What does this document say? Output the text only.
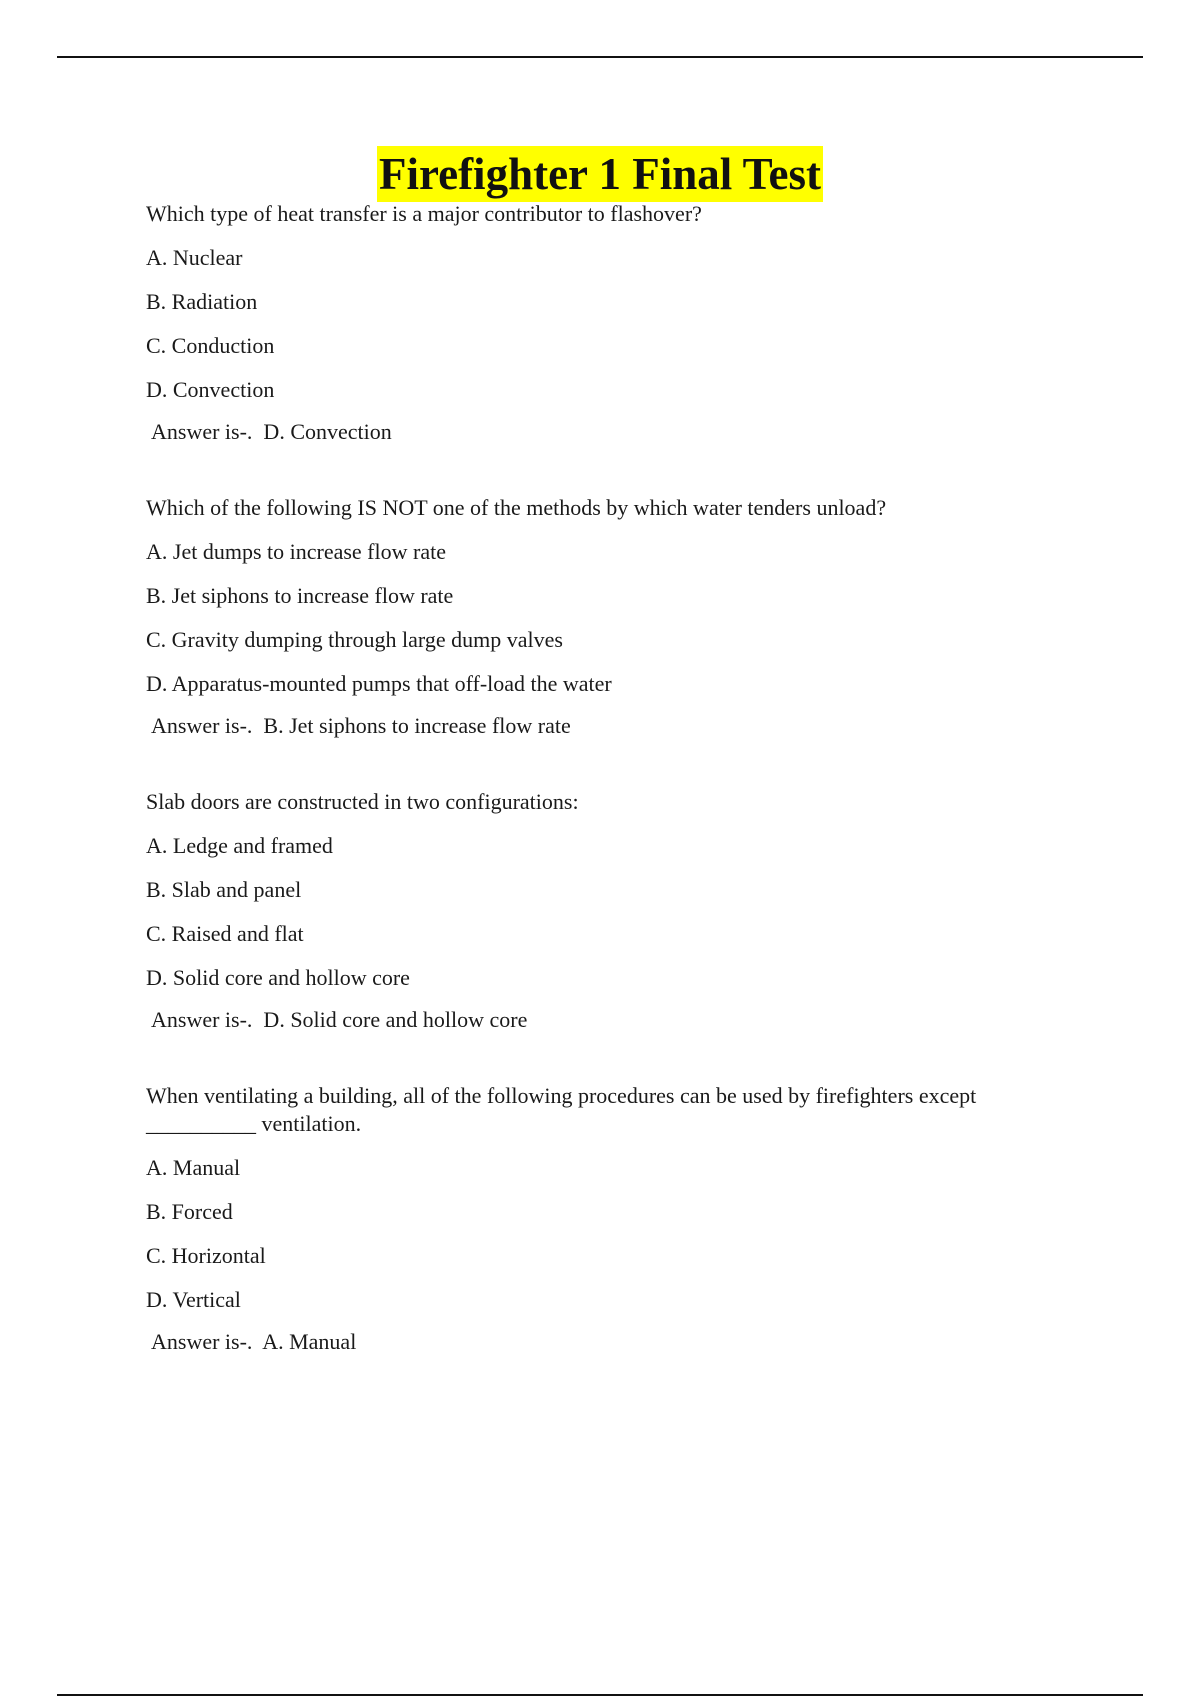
Firefighter 1 Final Test

Which type of heat transfer is a major contributor to flashover?

A. Nuclear
B. Radiation
C. Conduction
D. Convection
Answer is-.  D. Convection

Which of the following IS NOT one of the methods by which water tenders unload?

A. Jet dumps to increase flow rate
B. Jet siphons to increase flow rate
C. Gravity dumping through large dump valves
D. Apparatus-mounted pumps that off-load the water
Answer is-.  B. Jet siphons to increase flow rate

Slab doors are constructed in two configurations:

A. Ledge and framed
B. Slab and panel
C. Raised and flat
D. Solid core and hollow core
Answer is-.  D. Solid core and hollow core

When ventilating a building, all of the following procedures can be used by firefighters except __________ ventilation.

A. Manual
B. Forced
C. Horizontal
D. Vertical
Answer is-.  A. Manual
